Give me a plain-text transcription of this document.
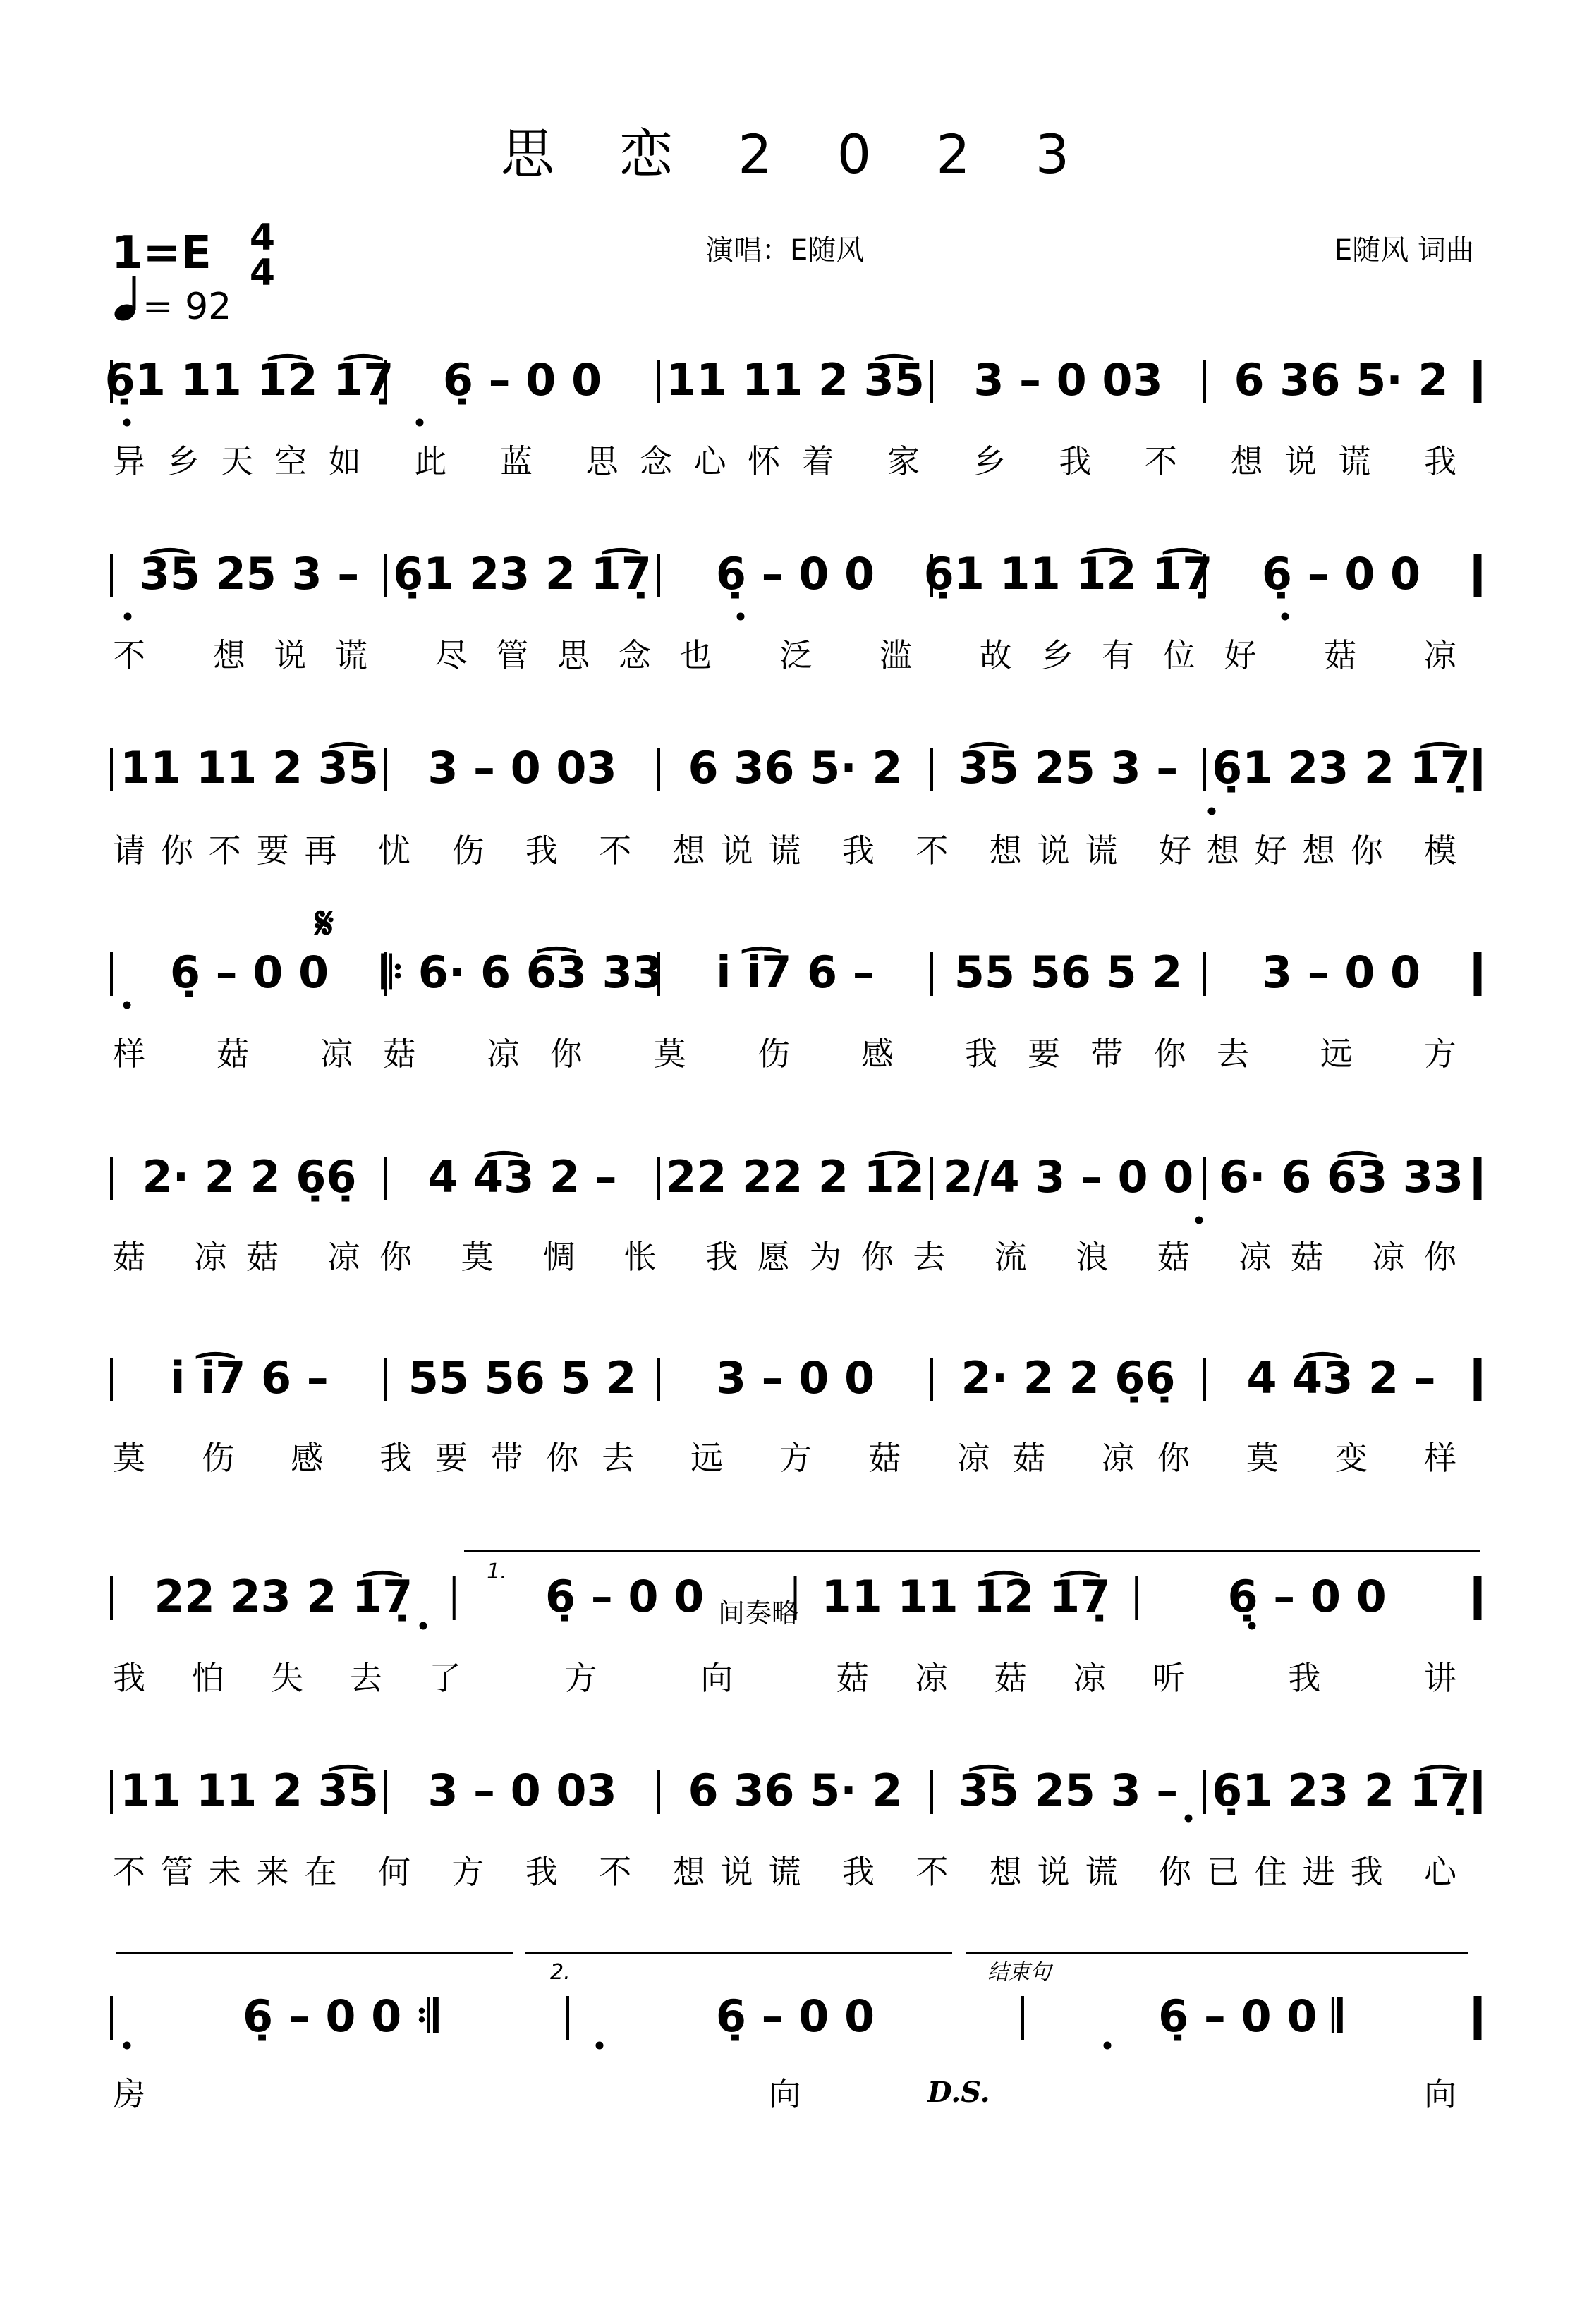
思 恋 2 0 2 3
1=E 4
4
= 92
演唱：E随风	E随风 词曲
6̣1 11 1͡2 1͡7̣ 6̣ – 0 0 11 11 2 3͡5 3 – 0 03 6 36 5· 2
异乡天空如 此 蓝 思念心怀着 家 乡 我 不 想说谎 我
3͡5 25 3 – 6̣1 23 2 1͡7̣ 6̣ – 0 0 6̣1 11 1͡2 1͡7̣ 6̣ – 0 0
不 想说谎 尽管思念也 泛 滥 故乡有位好 菇 凉
11 11 2 3͡5 3 – 0 03 6 36 5· 2 3͡5 25 3 – 6̣1 23 2 1͡7̣
请你不要再 忧 伤 我 不 想说谎 我 不 想说谎 好想好想你 模
6̣ – 0 0 𝄆 6· 6 6͡3 33 i i͡7 6 – 55 56 5 2 3 – 0 0
样 菇 凉菇 凉你 莫 伤 感 我要带你去 远 方
2· 2 2 6̣6̣ 4 4͡3 2 – 22 22 2 1͡2 2/4 3 – 0 0 6· 6 6͡3 33
菇 凉菇 凉你 莫 惆 怅 我愿为你去 流 浪 菇 凉菇 凉你
i i͡7 6 – 55 56 5 2 3 – 0 0 2· 2 2 6̣6̣ 4 4͡3 2 –
莫 伤 感 我要带你去 远 方 菇 凉菇 凉你 莫 变 样
22 23 2 1͡7̣	6̣ – 0 0	11 11 1͡2 1͡7̣	6̣ – 0 0
我怕失去了 方 向 菇凉菇凉听 我 讲
11 11 2 3͡5 3 – 0 03 6 36 5· 2 3͡5 25 3 – 6̣1 23 2 1͡7̣
不管未来在 何 方 我 不 想说谎 我 不 想说谎 你已住进我 心
6̣ – 0 0 𝄇	6̣ – 0 0	6̣ – 0 0 𝄂
房 向 向
𝄋
1.
间奏略
2.	结束句
D.S.
